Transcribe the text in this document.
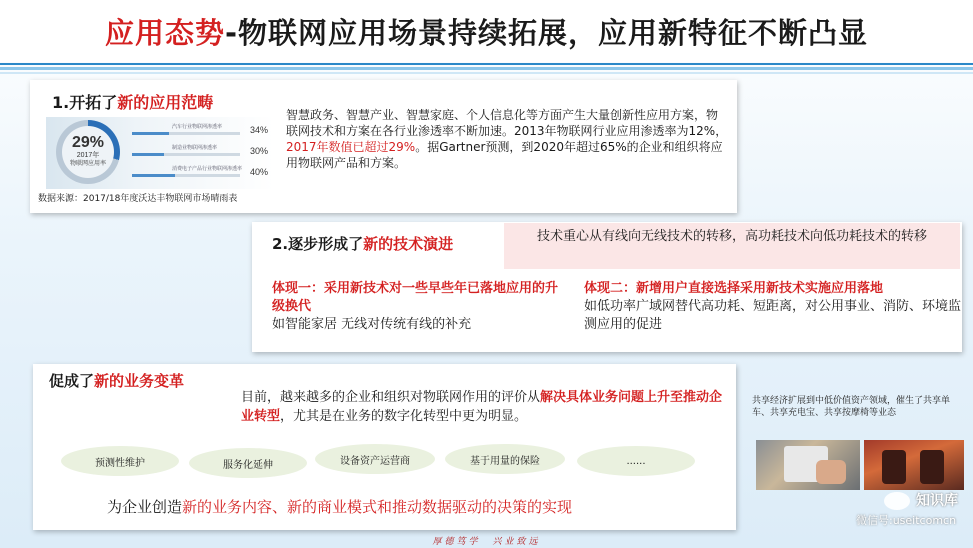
应用态势-物联网应用场景持续拓展，应用新特征不断凸显
1.开拓了新的应用范畴
29%
2017年
物联网应用率
汽车行业物联网渗透率	34%
制造业物联网渗透率	30%
消费电子产品行业物联网渗透率 40%
数据来源：2017/18年度沃达丰物联网市场晴雨表
智慧政务、智慧产业、智慧家庭、个人信息化等方面产生大量创新性应用方案，物联网技术和方案在各行业渗透率不断加速。2013年物联网行业应用渗透率为12%，2017年数值已超过29%。据Gartner预测，到2020年超过65%的企业和组织将应用物联网产品和方案。
2.逐步形成了新的技术演进	技术重心从有线向无线技术的转移，高功耗技术向低功耗技术的转移
体现一：采用新技术对一些早些年已落地应用的升级换代
如智能家居 无线对传统有线的补充
体现二：新增用户直接选择采用新技术实施应用落地
如低功率广域网替代高功耗、短距离，对公用事业、消防、环境监测应用的促进
促成了新的业务变革
目前，越来越多的企业和组织对物联网作用的评价从解决具体业务问题上升至推动企业转型，尤其是在业务的数字化转型中更为明显。
预测性维护	服务化延伸	设备资产运营商	基于用量的保险	......
为企业创造新的业务内容、新的商业模式和推动数据驱动的决策的实现
共享经济扩展到中低价值资产领域，催生了共享单车、共享充电宝、共享按摩椅等业态
知识库
微信号:useitcomcn
厚德笃学　兴业致远
